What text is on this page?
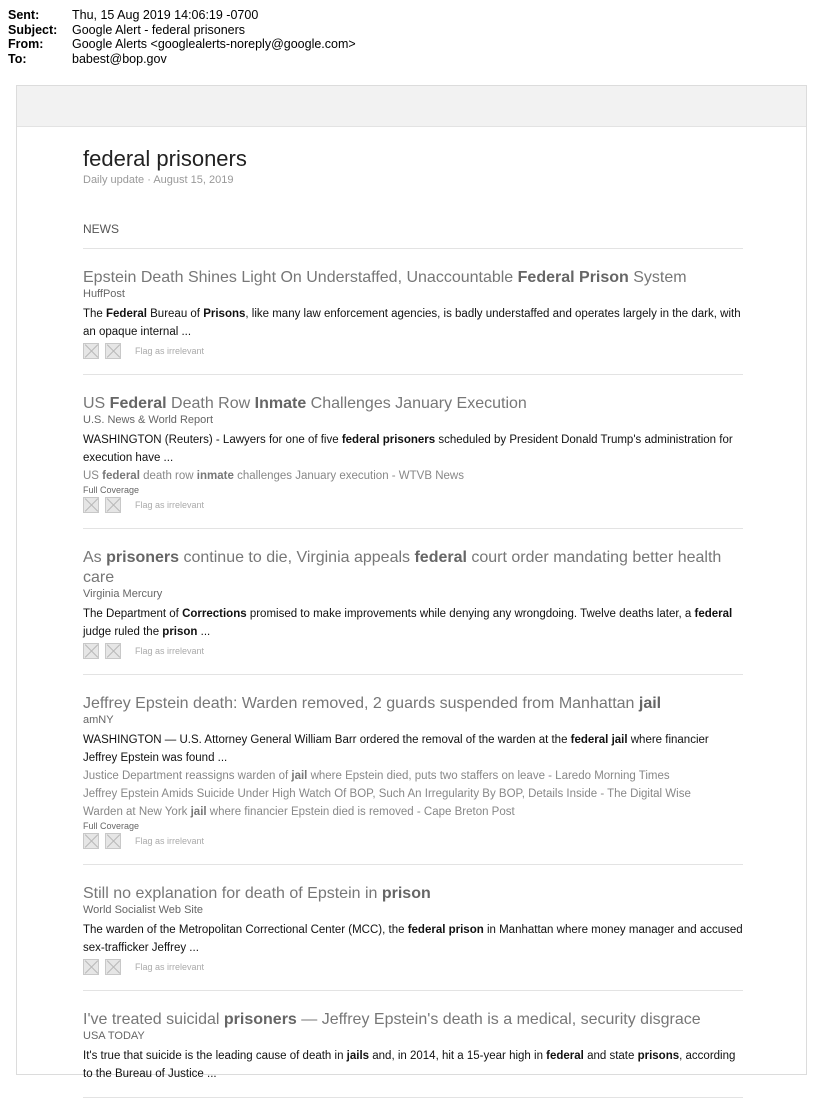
Sent:	Thu, 15 Aug 2019 14:06:19 -0700
Subject:	Google Alert - federal prisoners
From:	Google Alerts <googlealerts-noreply@google.com>
To:	babest@bop.gov
federal prisoners
Daily update · August 15, 2019
NEWS
Epstein Death Shines Light On Understaffed, Unaccountable Federal Prison System
HuffPost
The Federal Bureau of Prisons, like many law enforcement agencies, is badly understaffed and operates largely in the dark, with an opaque internal ...
Flag as irrelevant
US Federal Death Row Inmate Challenges January Execution
U.S. News & World Report
WASHINGTON (Reuters) - Lawyers for one of five federal prisoners scheduled by President Donald Trump's administration for execution have ...
US federal death row inmate challenges January execution - WTVB News
Full Coverage
Flag as irrelevant
As prisoners continue to die, Virginia appeals federal court order mandating better health care
Virginia Mercury
The Department of Corrections promised to make improvements while denying any wrongdoing. Twelve deaths later, a federal judge ruled the prison ...
Flag as irrelevant
Jeffrey Epstein death: Warden removed, 2 guards suspended from Manhattan jail
amNY
WASHINGTON — U.S. Attorney General William Barr ordered the removal of the warden at the federal jail where financier Jeffrey Epstein was found ...
Justice Department reassigns warden of jail where Epstein died, puts two staffers on leave - Laredo Morning Times
Jeffrey Epstein Amids Suicide Under High Watch Of BOP, Such An Irregularity By BOP, Details Inside - The Digital Wise
Warden at New York jail where financier Epstein died is removed - Cape Breton Post
Full Coverage
Flag as irrelevant
Still no explanation for death of Epstein in prison
World Socialist Web Site
The warden of the Metropolitan Correctional Center (MCC), the federal prison in Manhattan where money manager and accused sex-trafficker Jeffrey ...
Flag as irrelevant
I've treated suicidal prisoners — Jeffrey Epstein's death is a medical, security disgrace
USA TODAY
It's true that suicide is the leading cause of death in jails and, in 2014, hit a 15-year high in federal and state prisons, according to the Bureau of Justice ...
